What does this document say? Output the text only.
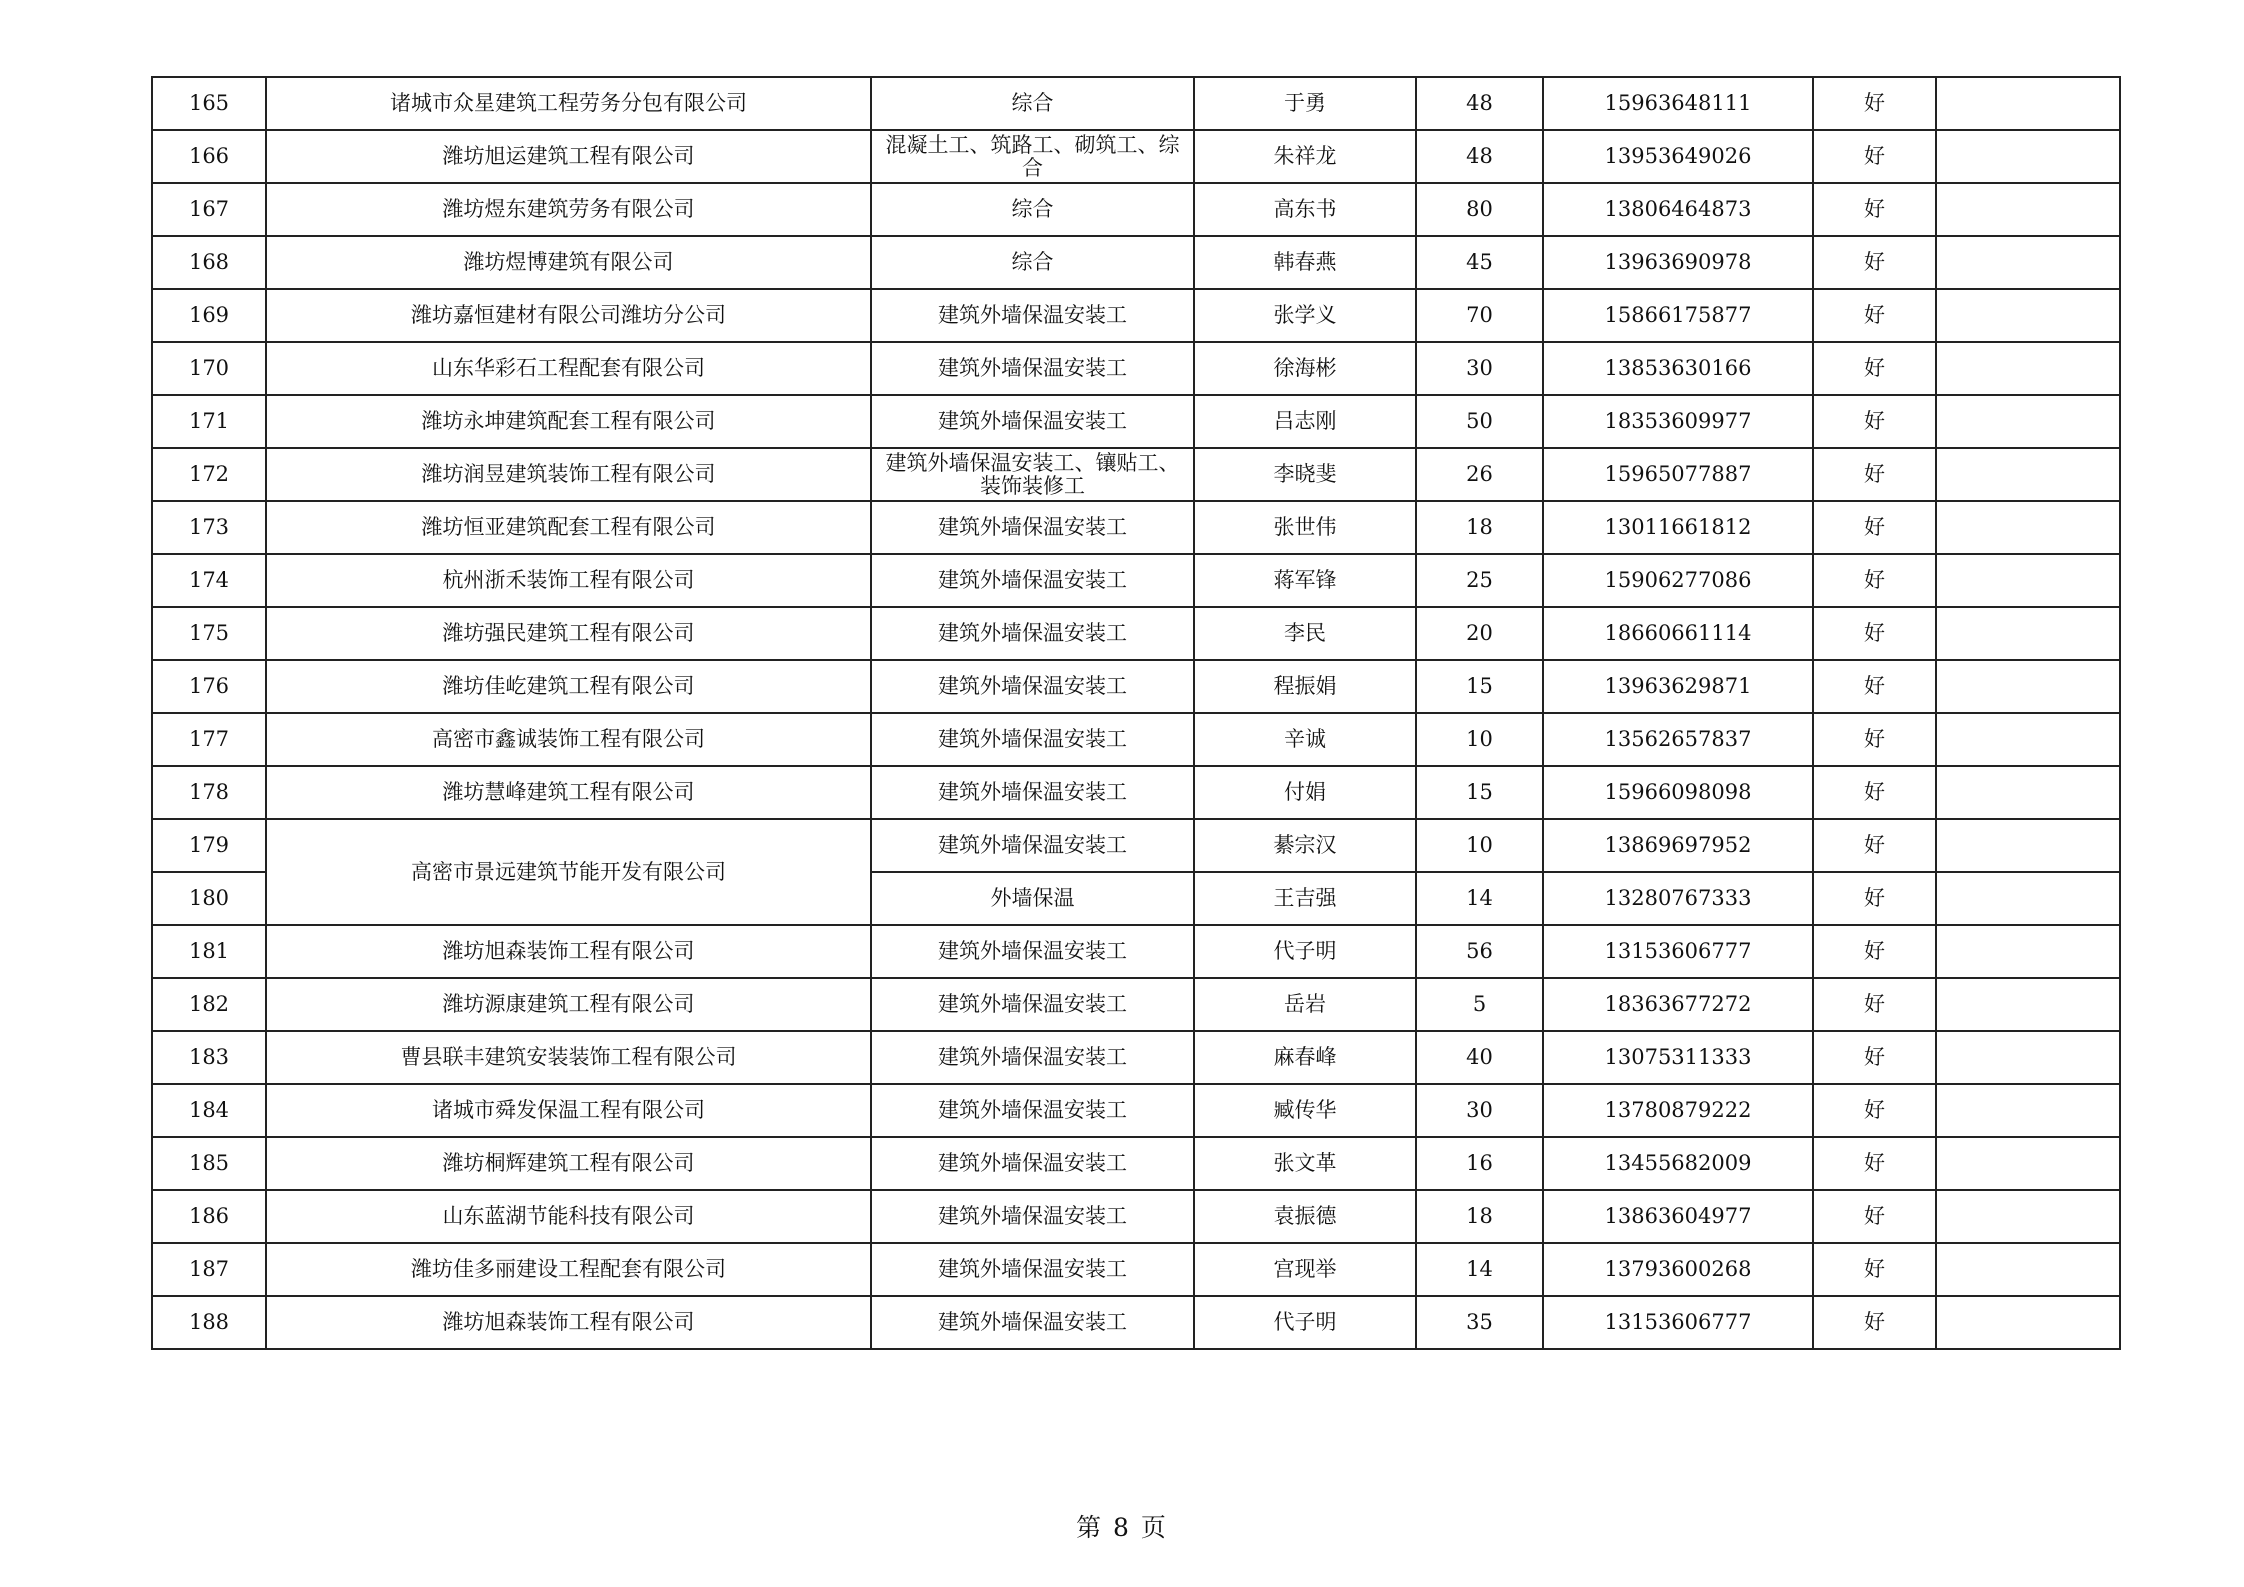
165	诸城市众星建筑工程劳务分包有限公司	综合	于勇	48	15963648111	好	
166	潍坊旭运建筑工程有限公司	混凝土工、筑路工、砌筑工、综合	朱祥龙	48	13953649026	好	
167	潍坊煜东建筑劳务有限公司	综合	高东书	80	13806464873	好	
168	潍坊煜博建筑有限公司	综合	韩春燕	45	13963690978	好	
169	潍坊嘉恒建材有限公司潍坊分公司	建筑外墙保温安装工	张学义	70	15866175877	好	
170	山东华彩石工程配套有限公司	建筑外墙保温安装工	徐海彬	30	13853630166	好	
171	潍坊永坤建筑配套工程有限公司	建筑外墙保温安装工	吕志刚	50	18353609977	好	
172	潍坊润昱建筑装饰工程有限公司	建筑外墙保温安装工、镶贴工、装饰装修工	李晓斐	26	15965077887	好	
173	潍坊恒亚建筑配套工程有限公司	建筑外墙保温安装工	张世伟	18	13011661812	好	
174	杭州浙禾装饰工程有限公司	建筑外墙保温安装工	蒋军锋	25	15906277086	好	
175	潍坊强民建筑工程有限公司	建筑外墙保温安装工	李民	20	18660661114	好	
176	潍坊佳屹建筑工程有限公司	建筑外墙保温安装工	程振娟	15	13963629871	好	
177	高密市鑫诚装饰工程有限公司	建筑外墙保温安装工	辛诚	10	13562657837	好	
178	潍坊慧峰建筑工程有限公司	建筑外墙保温安装工	付娟	15	15966098098	好	
179	高密市景远建筑节能开发有限公司	建筑外墙保温安装工	綦宗汉	10	13869697952	好	
180		外墙保温	王吉强	14	13280767333	好	
181	潍坊旭森装饰工程有限公司	建筑外墙保温安装工	代子明	56	13153606777	好	
182	潍坊源康建筑工程有限公司	建筑外墙保温安装工	岳岩	5	18363677272	好	
183	曹县联丰建筑安装装饰工程有限公司	建筑外墙保温安装工	麻春峰	40	13075311333	好	
184	诸城市舜发保温工程有限公司	建筑外墙保温安装工	臧传华	30	13780879222	好	
185	潍坊桐辉建筑工程有限公司	建筑外墙保温安装工	张文革	16	13455682009	好	
186	山东蓝湖节能科技有限公司	建筑外墙保温安装工	袁振德	18	13863604977	好	
187	潍坊佳多丽建设工程配套有限公司	建筑外墙保温安装工	宫现举	14	13793600268	好	
188	潍坊旭森装饰工程有限公司	建筑外墙保温安装工	代子明	35	13153606777	好	
第 8 页
